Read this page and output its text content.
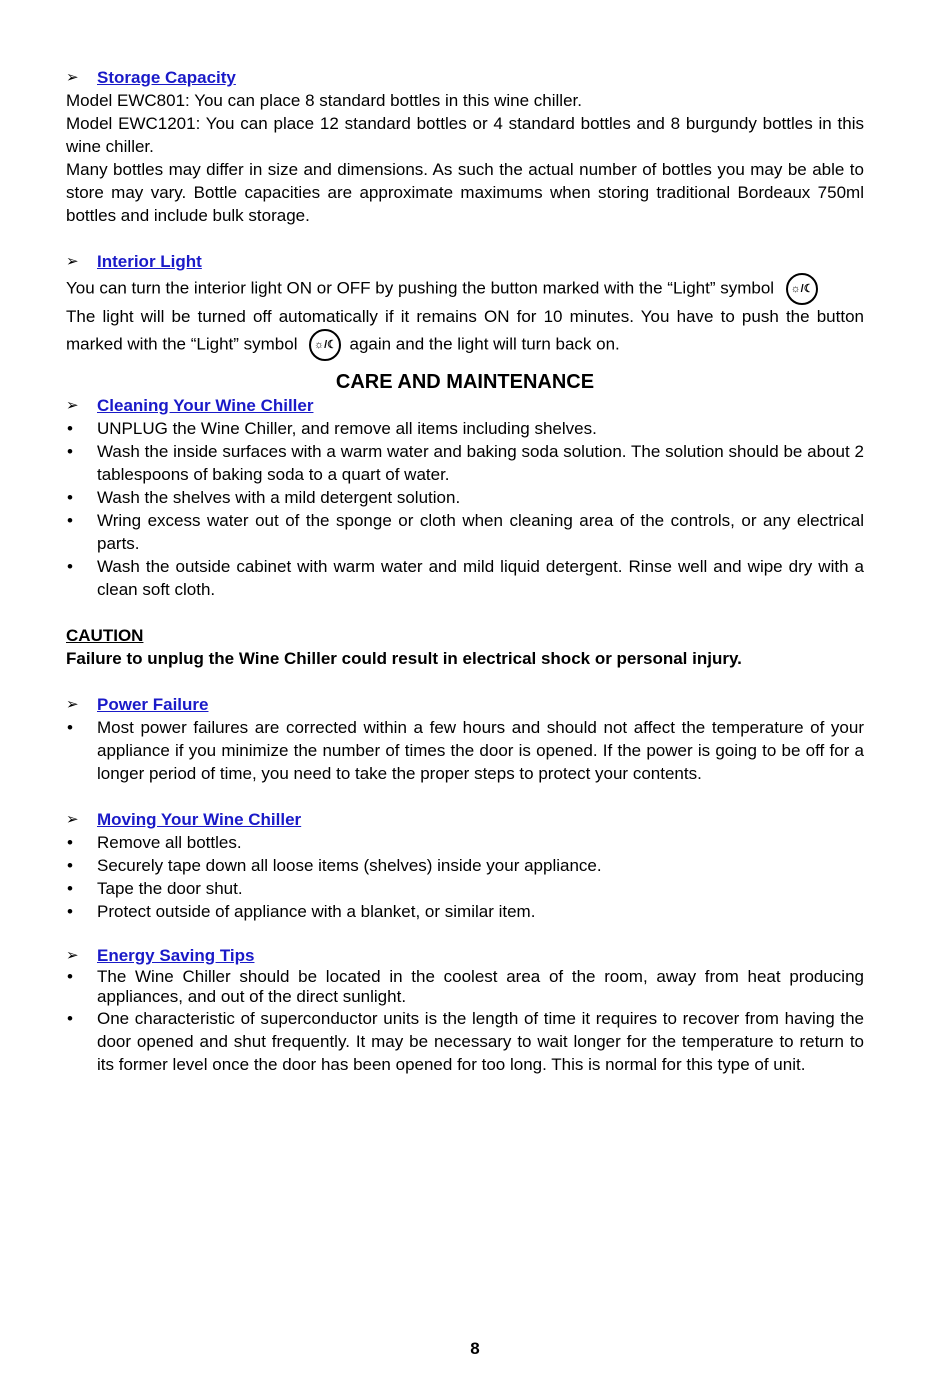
➢ Storage Capacity

Model EWC801: You can place 8 standard bottles in this wine chiller.

Model EWC1201: You can place 12 standard bottles or 4 standard bottles and 8 burgundy bottles in this wine chiller.

Many bottles may differ in size and dimensions. As such the actual number of bottles you may be able to store may vary. Bottle capacities are approximate maximums when storing traditional Bordeaux 750ml bottles and include bulk storage.

➢ Interior Light

You can turn the interior light ON or OFF by pushing the button marked with the “Light” symbol ☼/☾

The light will be turned off automatically if it remains ON for 10 minutes. You have to push the button marked with the “Light” symbol ☼/☾ again and the light will turn back on.

CARE AND MAINTENANCE
➢ Cleaning Your Wine Chiller
• UNPLUG the Wine Chiller, and remove all items including shelves.
• Wash the inside surfaces with a warm water and baking soda solution. The solution should be about 2 tablespoons of baking soda to a quart of water.
• Wash the shelves with a mild detergent solution.
• Wring excess water out of the sponge or cloth when cleaning area of the controls, or any electrical parts.
• Wash the outside cabinet with warm water and mild liquid detergent. Rinse well and wipe dry with a clean soft cloth.
CAUTION
Failure to unplug the Wine Chiller could result in electrical shock or personal injury.
➢ Power Failure
• Most power failures are corrected within a few hours and should not affect the temperature of your appliance if you minimize the number of times the door is opened. If the power is going to be off for a longer period of time, you need to take the proper steps to protect your contents.
➢ Moving Your Wine Chiller
• Remove all bottles.
• Securely tape down all loose items (shelves) inside your appliance.
• Tape the door shut.
• Protect outside of appliance with a blanket, or similar item.
➢ Energy Saving Tips
• The Wine Chiller should be located in the coolest area of the room, away from heat producing appliances, and out of the direct sunlight.
• One characteristic of superconductor units is the length of time it requires to recover from having the door opened and shut frequently. It may be necessary to wait longer for the temperature to return to its former level once the door has been opened for too long. This is normal for this type of unit.
8
